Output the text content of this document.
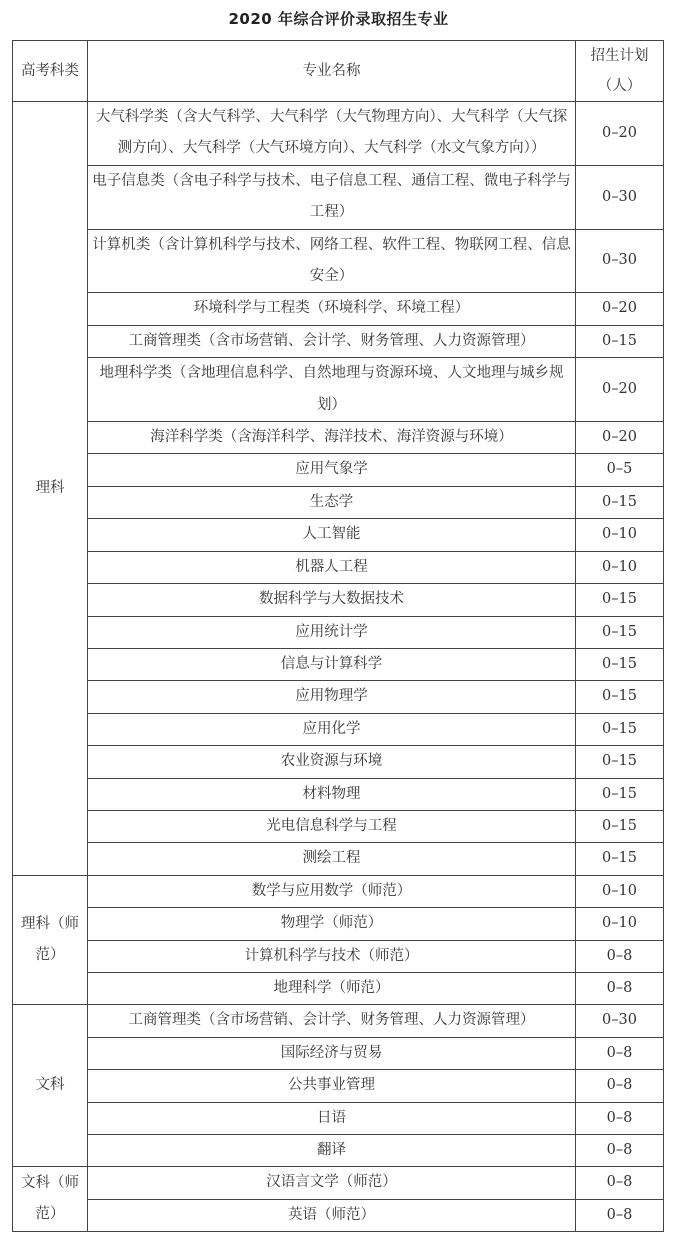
2020 年综合评价录取招生专业
高考科类	专业名称	招生计划
（人）
理科	大气科学类（含大气科学、大气科学（大气物理方向）、大气科学（大气探测方向）、大气科学（大气环境方向）、大气科学（水文气象方向））	0–20
	电子信息类（含电子科学与技术、电子信息工程、通信工程、微电子科学与工程）	0–30
	计算机类（含计算机科学与技术、网络工程、软件工程、物联网工程、信息安全）	0–30
	环境科学与工程类（环境科学、环境工程）	0–20
	工商管理类（含市场营销、会计学、财务管理、人力资源管理）	0–15
	地理科学类（含地理信息科学、自然地理与资源环境、人文地理与城乡规划）	0–20
	海洋科学类（含海洋科学、海洋技术、海洋资源与环境）	0–20
	应用气象学	0–5
	生态学	0–15
	人工智能	0–10
	机器人工程	0–10
	数据科学与大数据技术	0–15
	应用统计学	0–15
	信息与计算科学	0–15
	应用物理学	0–15
	应用化学	0–15
	农业资源与环境	0–15
	材料物理	0–15
	光电信息科学与工程	0–15
	测绘工程	0–15
理科（师范）	数学与应用数学（师范）	0–10
	物理学（师范）	0–10
	计算机科学与技术（师范）	0–8
	地理科学（师范）	0–8
文科	工商管理类（含市场营销、会计学、财务管理、人力资源管理）	0–30
	国际经济与贸易	0–8
	公共事业管理	0–8
	日语	0–8
	翻译	0–8
文科（师范）	汉语言文学（师范）	0–8
	英语（师范）	0–8
